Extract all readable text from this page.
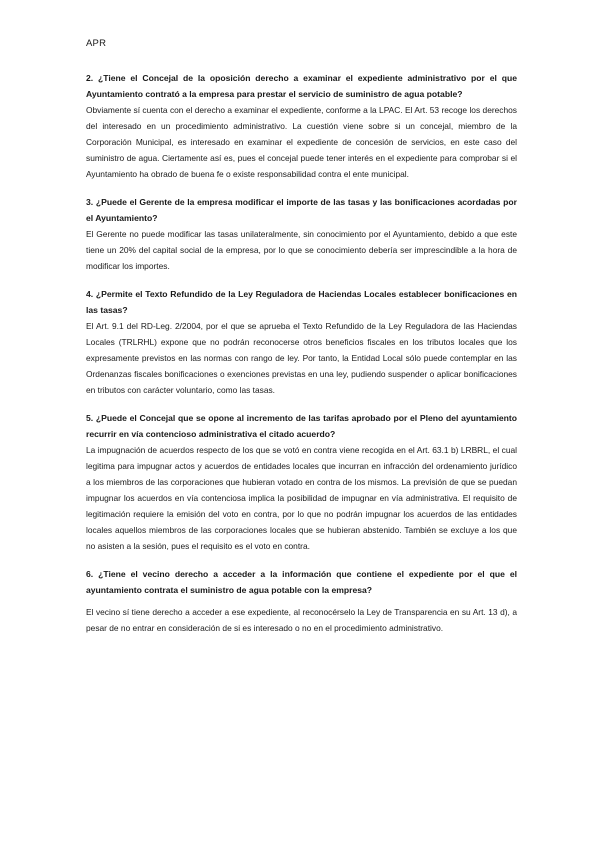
APR

2. ¿Tiene el Concejal de la oposición derecho a examinar el expediente administrativo por el que Ayuntamiento contrató a la empresa para prestar el servicio de suministro de agua potable?

Obviamente sí cuenta con el derecho a examinar el expediente, conforme a la LPAC. El Art. 53 recoge los derechos del interesado en un procedimiento administrativo. La cuestión viene sobre si un concejal, miembro de la Corporación Municipal, es interesado en examinar el expediente de concesión de servicios, en este caso del suministro de agua. Ciertamente así es, pues el concejal puede tener interés en el expediente para comprobar si el Ayuntamiento ha obrado de buena fe o existe responsabilidad contra el ente municipal.

3. ¿Puede el Gerente de la empresa modificar el importe de las tasas y las bonificaciones acordadas por el Ayuntamiento?

El Gerente no puede modificar las tasas unilateralmente, sin conocimiento por el Ayuntamiento, debido a que este tiene un 20% del capital social de la empresa, por lo que se conocimiento debería ser imprescindible a la hora de modificar los importes.

4. ¿Permite el Texto Refundido de la Ley Reguladora de Haciendas Locales establecer bonificaciones en las tasas?

El Art. 9.1 del RD-Leg. 2/2004, por el que se aprueba el Texto Refundido de la Ley Reguladora de las Haciendas Locales (TRLRHL) expone que no podrán reconocerse otros beneficios fiscales en los tributos locales que los expresamente previstos en las normas con rango de ley. Por tanto, la Entidad Local sólo puede contemplar en las Ordenanzas fiscales bonificaciones o exenciones previstas en una ley, pudiendo suspender o aplicar bonificaciones en tributos con carácter voluntario, como las tasas.

5. ¿Puede el Concejal que se opone al incremento de las tarifas aprobado por el Pleno del ayuntamiento recurrir en vía contencioso administrativa el citado acuerdo?

La impugnación de acuerdos respecto de los que se votó en contra viene recogida en el Art. 63.1 b) LRBRL, el cual legitima para impugnar actos y acuerdos de entidades locales que incurran en infracción del ordenamiento jurídico a los miembros de las corporaciones que hubieran votado en contra de los mismos. La previsión de que se puedan impugnar los acuerdos en vía contenciosa implica la posibilidad de impugnar en vía administrativa. El requisito de legitimación requiere la emisión del voto en contra, por lo que no podrán impugnar los acuerdos de las entidades locales aquellos miembros de las corporaciones locales que se hubieran abstenido. También se excluye a los que no asisten a la sesión, pues el requisito es el voto en contra.

6. ¿Tiene el vecino derecho a acceder a la información que contiene el expediente por el que el ayuntamiento contrata el suministro de agua potable con la empresa?

El vecino sí tiene derecho a acceder a ese expediente, al reconocérselo la Ley de Transparencia en su Art. 13 d), a pesar de no entrar en consideración de si es interesado o no en el procedimiento administrativo.
